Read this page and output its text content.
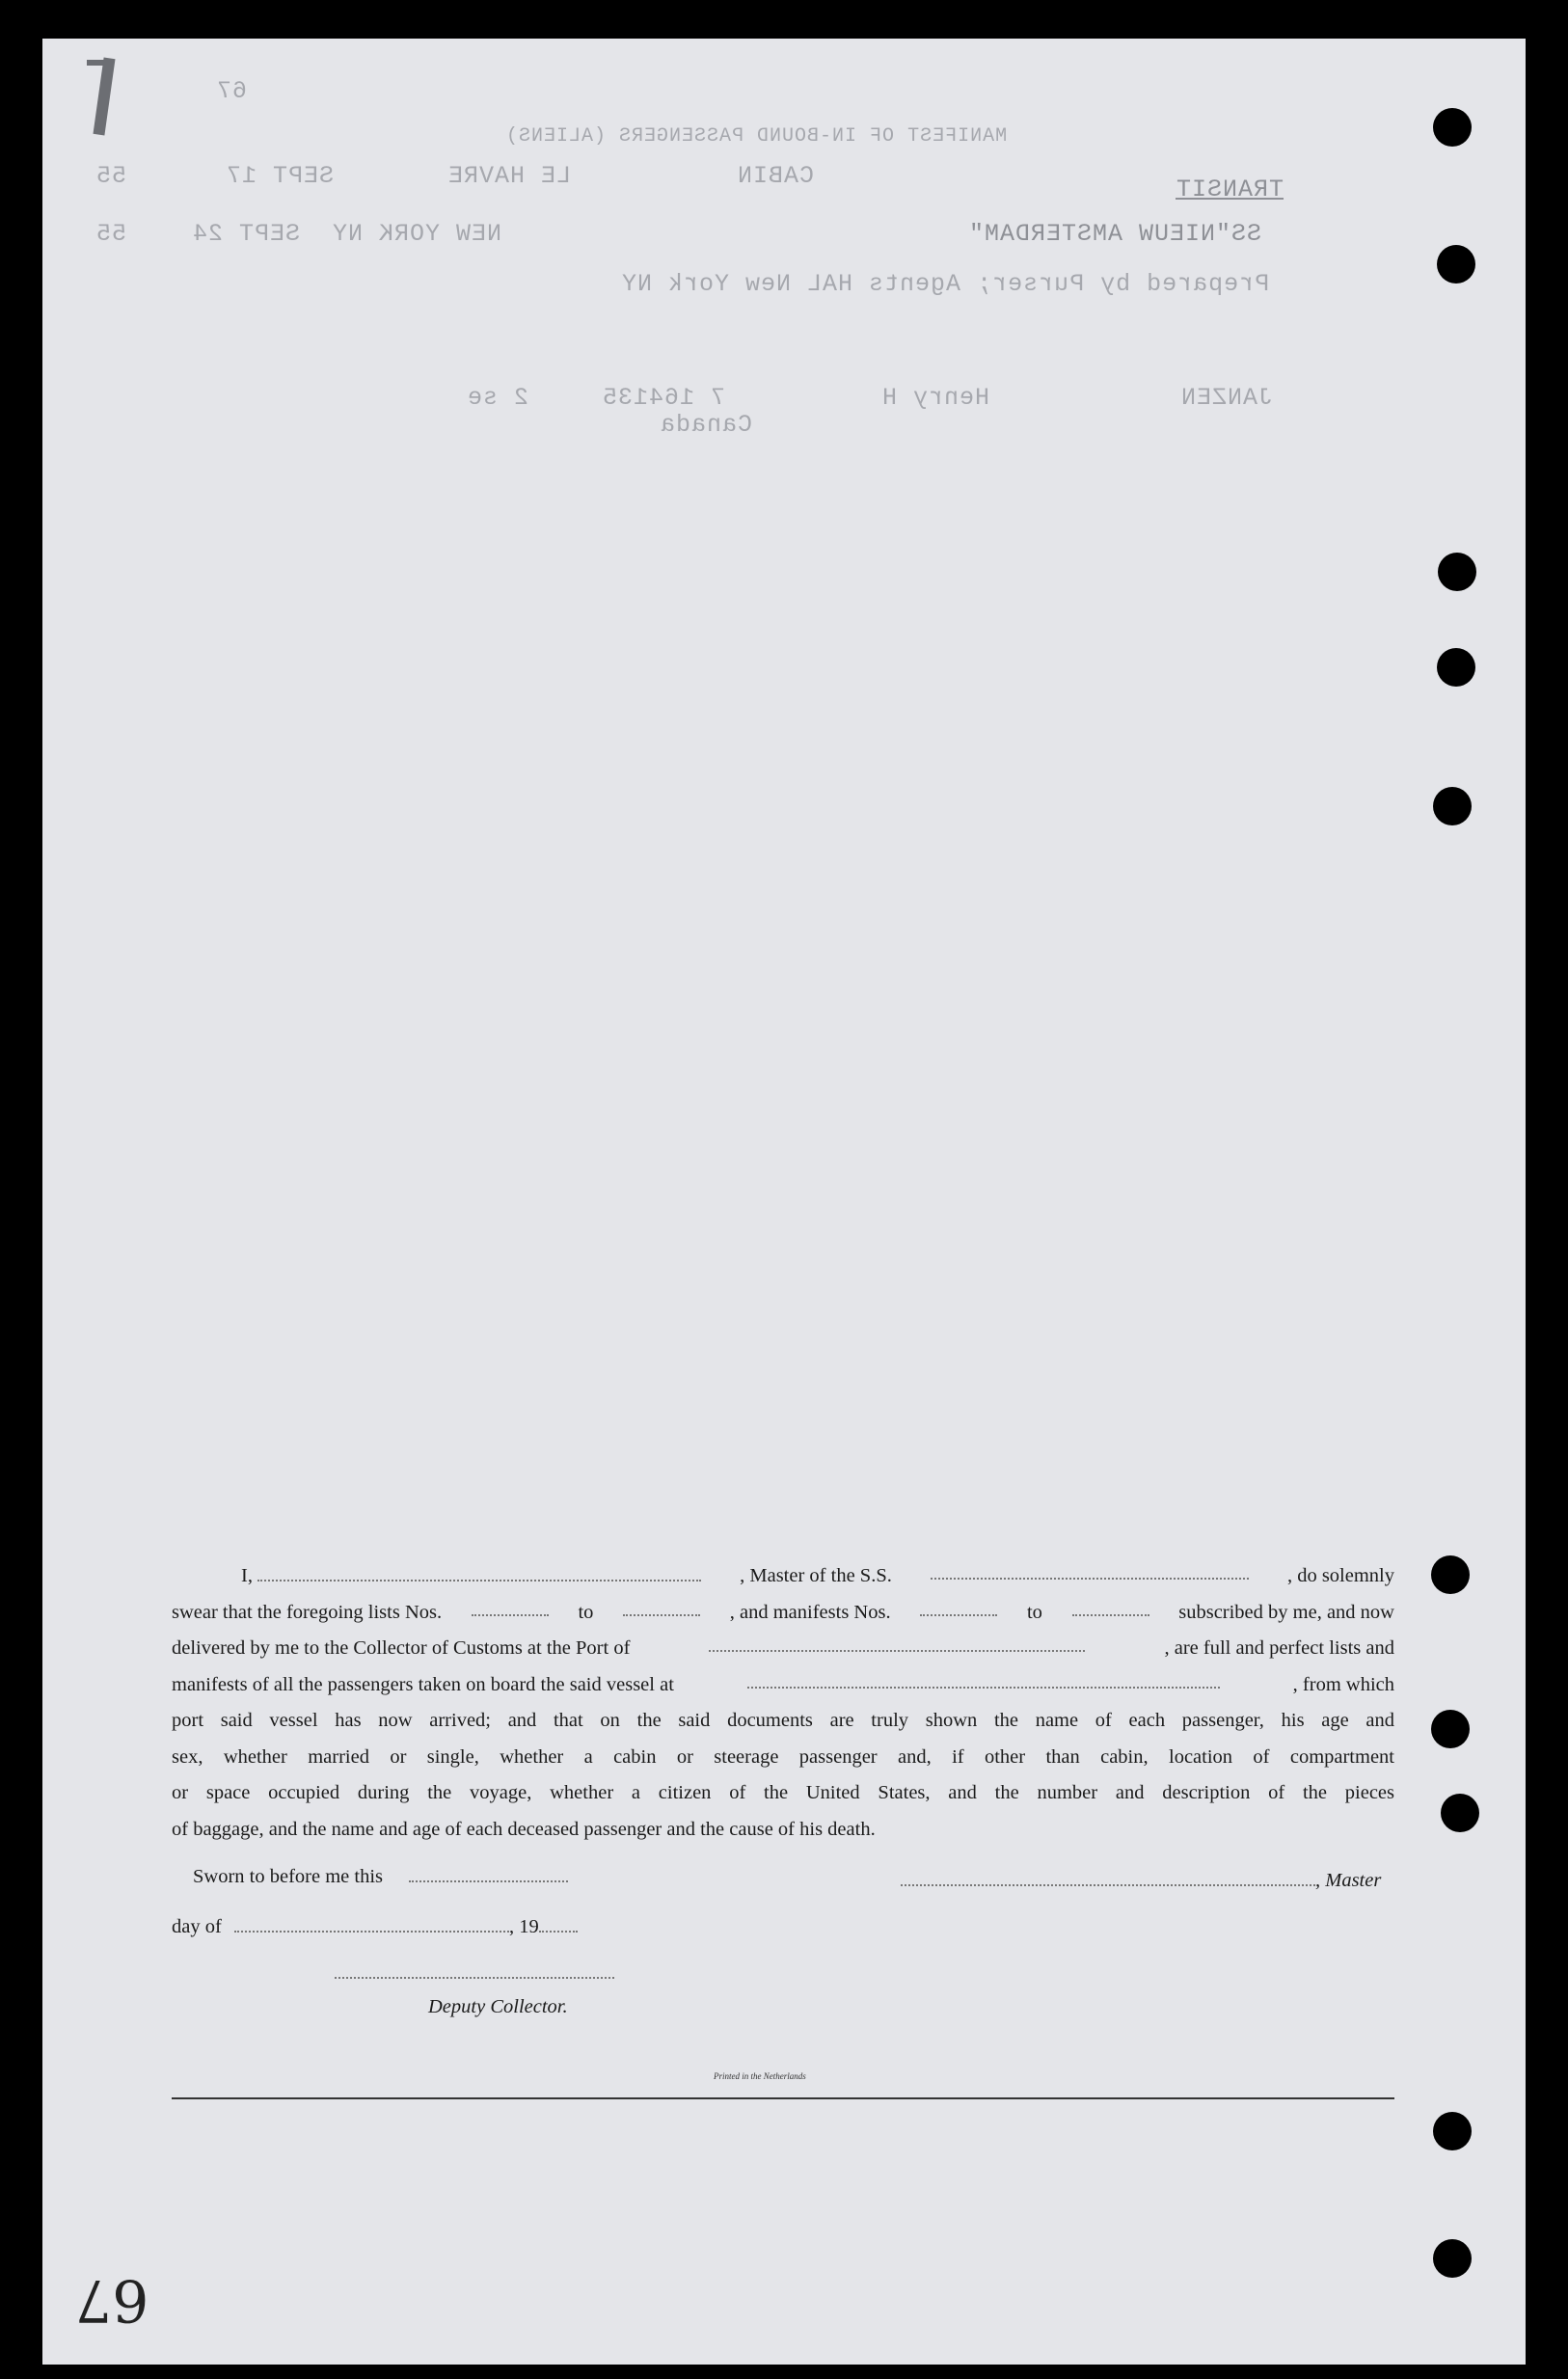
67
MANIFEST OF IN-BOUND PASSENGERS (ALIENS)
55	SEPT 17	LE HAVRE	CABIN	TRANSIT
55	SEPT 24 NEW YORK NY	SS"NIEUW AMSTERDAM"
Prepared by Purser; Agents HAL New York NY
2 se	7 164135	Henry H	JANZEN
Canada
I,	, Master of the S.S.	, do solemnly
swear that the foregoing lists Nos.	to	, and manifests Nos.	to	subscribed by me, and now
delivered by me to the Collector of Customs at the Port of	, are full and perfect lists and
manifests of all the passengers taken on board the said vessel at	, from which
port said vessel has now arrived; and that on the said documents are truly shown the name of each passenger, his age and
sex, whether married or single, whether a cabin or steerage passenger and, if other than cabin, location of compartment
or space occupied during the voyage, whether a citizen of the United States, and the number and description of the pieces
of baggage, and the name and age of each deceased passenger and the cause of his death.
Sworn to before me this	, Master
day of	, 19
Deputy Collector.
Printed in the Netherlands
67
